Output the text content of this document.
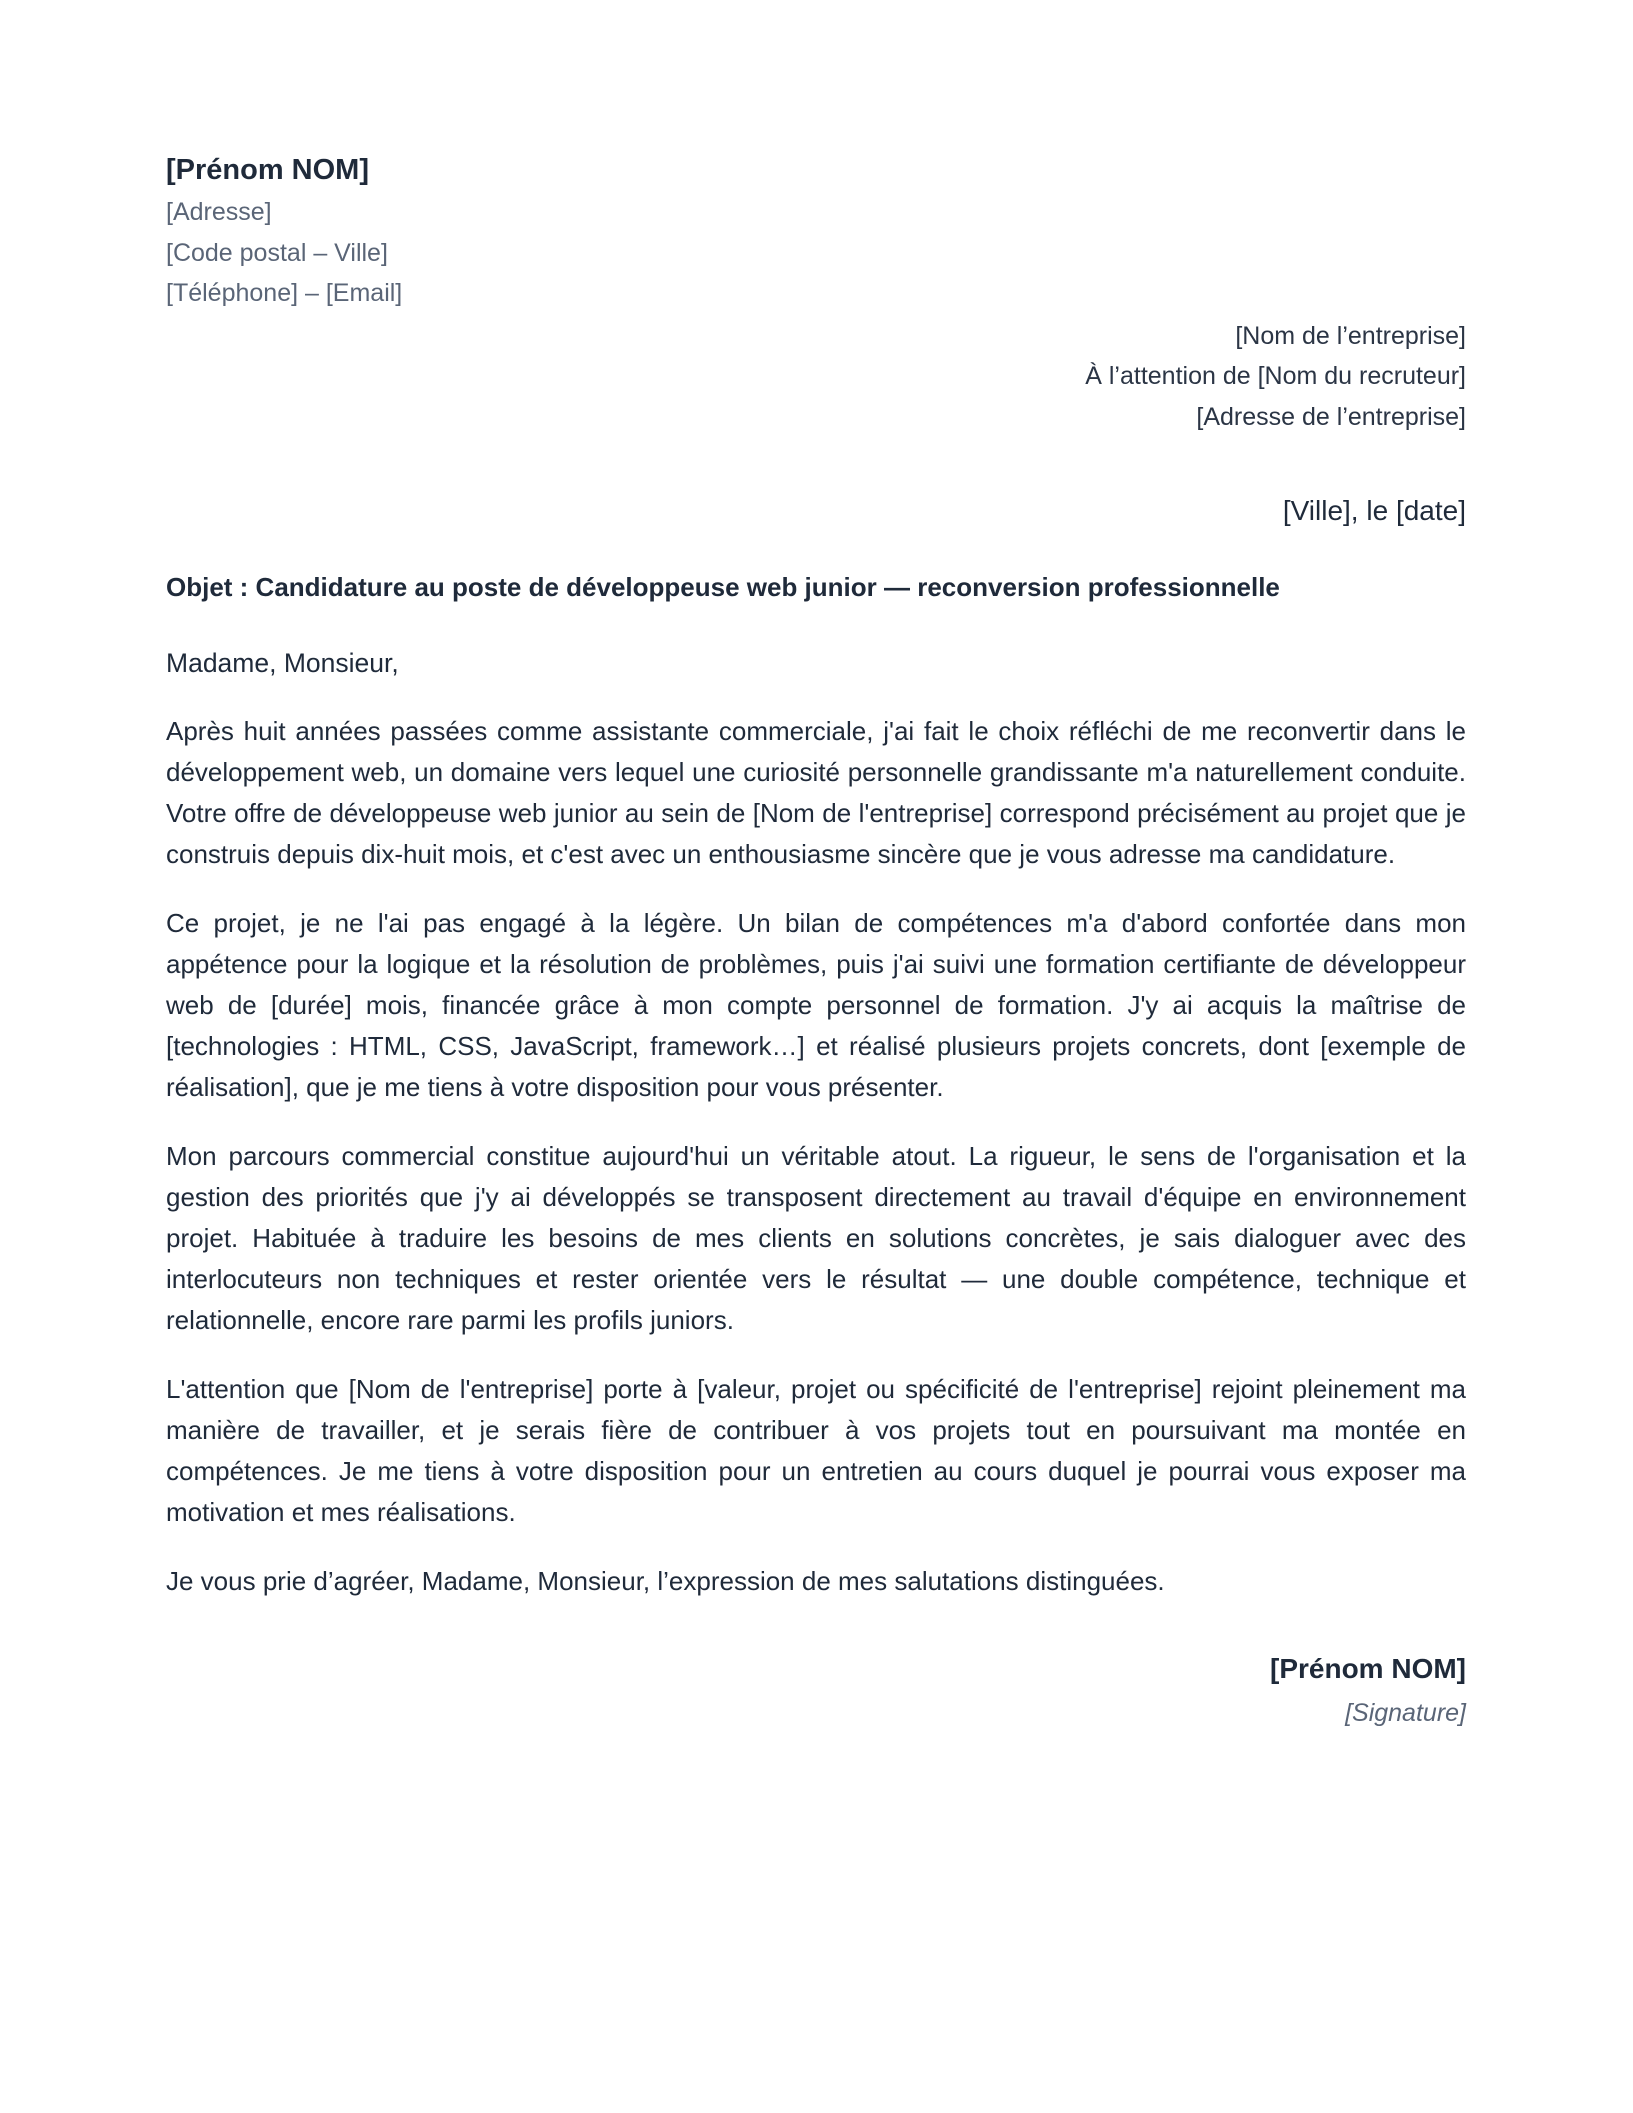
[Prénom NOM]
[Adresse]
[Code postal – Ville]
[Téléphone] – [Email]
[Nom de l’entreprise]
À l’attention de [Nom du recruteur]
[Adresse de l’entreprise]
[Ville], le [date]
Objet : Candidature au poste de développeuse web junior — reconversion professionnelle
Madame, Monsieur,

Après huit années passées comme assistante commerciale, j'ai fait le choix réfléchi de me reconvertir dans le développement web, un domaine vers lequel une curiosité personnelle grandissante m'a naturellement conduite. Votre offre de développeuse web junior au sein de [Nom de l'entreprise] correspond précisément au projet que je construis depuis dix-huit mois, et c'est avec un enthousiasme sincère que je vous adresse ma candidature.

Ce projet, je ne l'ai pas engagé à la légère. Un bilan de compétences m'a d'abord confortée dans mon appétence pour la logique et la résolution de problèmes, puis j'ai suivi une formation certifiante de développeur web de [durée] mois, financée grâce à mon compte personnel de formation. J'y ai acquis la maîtrise de [technologies : HTML, CSS, JavaScript, framework…] et réalisé plusieurs projets concrets, dont [exemple de réalisation], que je me tiens à votre disposition pour vous présenter.

Mon parcours commercial constitue aujourd'hui un véritable atout. La rigueur, le sens de l'organisation et la gestion des priorités que j'y ai développés se transposent directement au travail d'équipe en environnement projet. Habituée à traduire les besoins de mes clients en solutions concrètes, je sais dialoguer avec des interlocuteurs non techniques et rester orientée vers le résultat — une double compétence, technique et relationnelle, encore rare parmi les profils juniors.

L'attention que [Nom de l'entreprise] porte à [valeur, projet ou spécificité de l'entreprise] rejoint pleinement ma manière de travailler, et je serais fière de contribuer à vos projets tout en poursuivant ma montée en compétences. Je me tiens à votre disposition pour un entretien au cours duquel je pourrai vous exposer ma motivation et mes réalisations.

Je vous prie d’agréer, Madame, Monsieur, l’expression de mes salutations distinguées.
[Prénom NOM]
[Signature]
